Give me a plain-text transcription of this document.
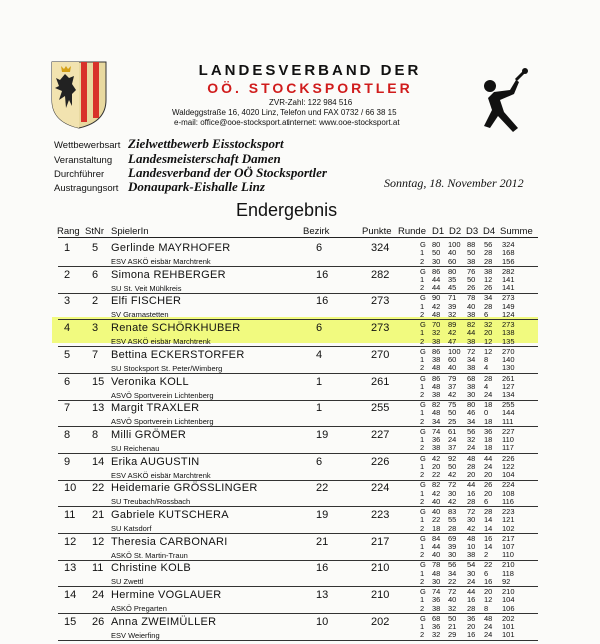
LANDESVERBAND DER
OÖ. STOCKSPORTLER
ZVR-Zahl: 122 984 516
Waldeggstraße 16, 4020 Linz, Telefon und FAX 0732 / 66 38 15
e-mail: office@ooe-stocksport.at internet: www.ooe-stocksport.at
Wettbewerbsart Zielwettbewerb Eisstocksport
Veranstaltung Landesmeisterschaft Damen
Durchführer Landesverband der OÖ Stocksportler
Austragungsort Donaupark-Eishalle Linz	Sonntag, 18. November 2012
Endergebnis
Rang StNr SpielerIn	Bezirk	Punkte Runde D1 D2 D3 D4 Summe
1 5 Gerlinde MAYRHOFER
ESV ASKÖ eisbär Marchtrenk
6	324	G 80 100 88 56 324
1 50 40 50 28 168
2 30 60 38 28 156
2 6 Simona REHBERGER
SU St. Veit Mühlkreis
16	282	G 86 80 76 38 282
1 44 35 50 12 141
2 44 45 26 26 141
3 2 Elfi FISCHER
SV Gramastetten
16	273	G 90 71 78 34 273
1 42 39 40 28 149
2 48 32 38 6 124
4 3 Renate SCHÖRKHUBER
ESV ASKÖ eisbär Marchtrenk
6	273	G 70 89 82 32 273
1 32 42 44 20 138
2 38 47 38 12 135
5 7 Bettina ECKERSTORFER
SU Stocksport St. Peter/Wimberg
4	270	G 86 100 72 12 270
1 38 60 34 8 140
2 48 40 38 4 130
6 15 Veronika KOLL
ASVÖ Sportverein Lichtenberg
1	261	G 86 79 68 28 261
1 48 37 38 4 127
2 38 42 30 24 134
7 13 Margit TRAXLER
ASVÖ Sportverein Lichtenberg
1	255	G 82 75 80 18 255
1 48 50 46 0 144
2 34 25 34 18 111
8 8 Milli GRÖMER
SU Reichenau
19	227	G 74 61 56 36 227
1 36 24 32 18 110
2 38 37 24 18 117
9 14 Erika AUGUSTIN
ESV ASKÖ eisbär Marchtrenk
6	226	G 42 92 48 44 226
1 20 50 28 24 122
2 22 42 20 20 104
10 22 Heidemarie GRÖSSLINGER
SU Treubach/Rossbach
22	224	G 82 72 44 26 224
1 42 30 16 20 108
2 40 42 28 6 116
11 21 Gabriele KUTSCHERA
SU Katsdorf
19	223	G 40 83 72 28 223
1 22 55 30 14 121
2 18 28 42 14 102
12 12 Theresia CARBONARI
ASKÖ St. Martin-Traun
21	217	G 84 69 48 16 217
1 44 39 10 14 107
2 40 30 38 2 110
13 11 Christine KOLB
SU Zwettl
16	210	G 78 56 54 22 210
1 48 34 30 6 118
2 30 22 24 16 92
14 24 Hermine VOGLAUER
ASKÖ Pregarten
13	210	G 74 72 44 20 210
1 36 40 16 12 104
2 38 32 28 8 106
15 26 Anna ZWEIMÜLLER
ESV Weierfing
10	202	G 68 50 36 48 202
1 36 21 20 24 101
2 32 29 16 24 101
